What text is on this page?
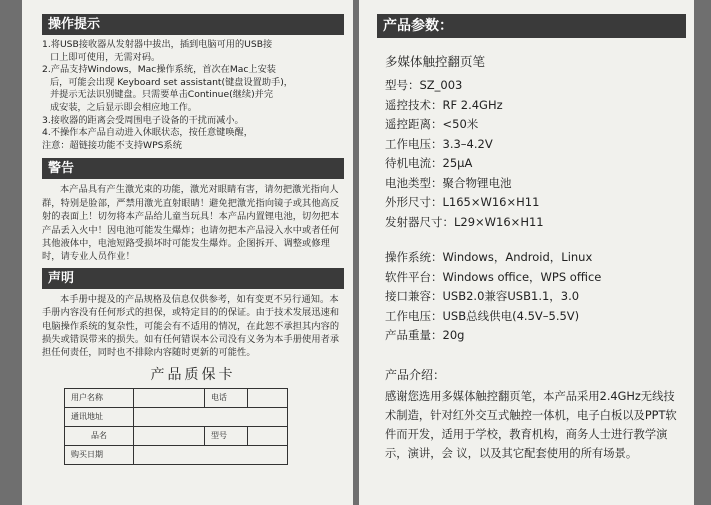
操作提示

1.将USB接收器从发射器中拔出，插到电脑可用的USB接

口上即可使用，无需对码。

2.产品支持Windows，Mac操作系统，首次在Mac上安装

后，可能会出现 Keyboard set assistant(键盘设置助手)，

并提示无法识别键盘。只需要单击Continue(继续)并完

成安装，之后显示即会相应地工作。

3.接收器的距离会受周围电子设备的干扰而减小。

4.不操作本产品自动进入休眠状态，按任意键唤醒，

注意：超链接功能不支持WPS系统

警告

本产品具有产生激光束的功能，激光对眼睛有害，请勿把激光指向人群，特别是脸部，严禁用激光直射眼睛！避免把激光指向镜子或其他高反射的表面上！切勿将本产品给儿童当玩具！本产品内置锂电池，切勿把本产品丢入火中！因电池可能发生爆炸；也请勿把本产品浸入水中或者任何其他液体中，电池短路受损坏时可能发生爆炸。企图拆开、调整或修理时，请专业人员作业！

声明

本手册中提及的产品规格及信息仅供参考，如有变更不另行通知。本手册内容没有任何形式的担保，或特定目的的保证。由于技术发展迅速和电脑操作系统的复杂性，可能会有不适用的情况，在此恕不承担其内容的损失或错误带来的损失。如有任何错误本公司没有义务为本手册使用者承担任何责任，同时也不排除内容随时更新的可能性。

产品质保卡
用户名称		电话	
通讯地址			
品名		型号	
购买日期			
产品参数：
多媒体触控翻页笔
型号：SZ_003
遥控技术：RF 2.4GHz
遥控距离：<50米
工作电压：3.3–4.2V
待机电流：25μA
电池类型：聚合物锂电池
外形尺寸：L165×W16×H11
发射器尺寸：L29×W16×H11
操作系统：Windows，Android，Linux
软件平台：Windows office，WPS office
接口兼容：USB2.0兼容USB1.1，3.0
工作电压：USB总线供电(4.5V–5.5V)
产品重量：20g
产品介绍：

感谢您选用多媒体触控翻页笔，本产品采用2.4GHz无线技术制造，针对红外交互式触控一体机，电子白板以及PPT软件而开发，适用于学校，教育机构，商务人士进行教学演示，演讲，会 议，以及其它配套使用的所有场景。
